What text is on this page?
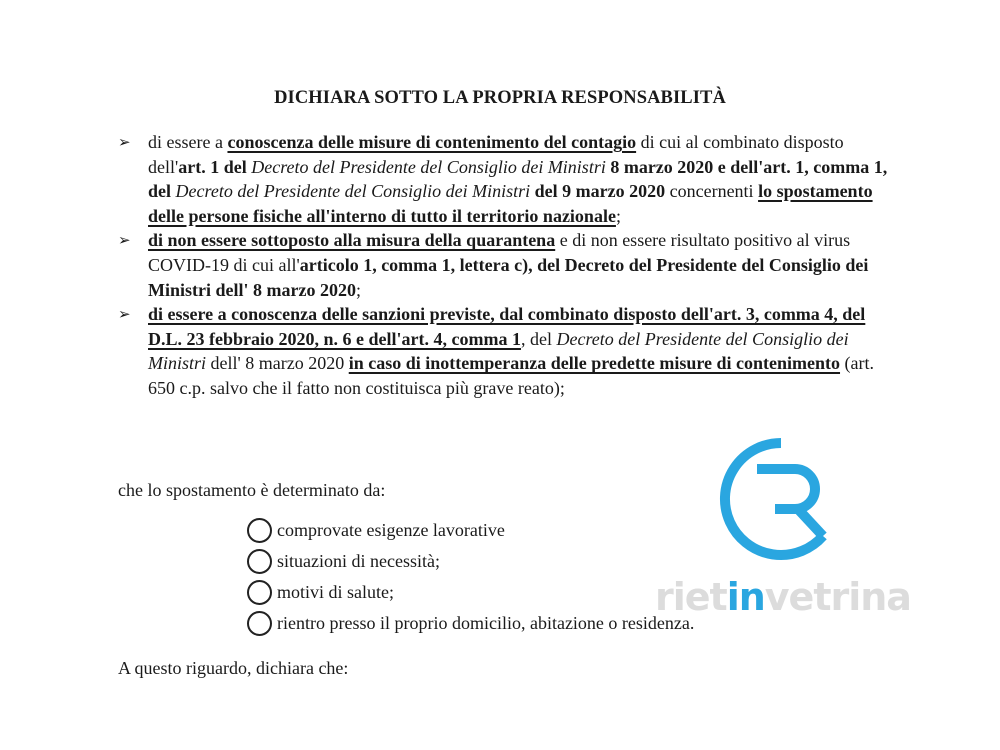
DICHIARA SOTTO LA PROPRIA RESPONSABILITÀ

➢ di essere a conoscenza delle misure di contenimento del contagio di cui al combinato disposto dell'art. 1 del Decreto del Presidente del Consiglio dei Ministri 8 marzo 2020 e dell'art. 1, comma 1, del Decreto del Presidente del Consiglio dei Ministri del 9 marzo 2020 concernenti lo spostamento delle persone fisiche all'interno di tutto il territorio nazionale;

➢ di non essere sottoposto alla misura della quarantena e di non essere risultato positivo al virus COVID-19 di cui all'articolo 1, comma 1, lettera c), del Decreto del Presidente del Consiglio dei Ministri dell' 8 marzo 2020;

➢ di essere a conoscenza delle sanzioni previste, dal combinato disposto dell'art. 3, comma 4, del D.L. 23 febbraio 2020, n. 6 e dell'art. 4, comma 1, del Decreto del Presidente del Consiglio dei Ministri dell' 8 marzo 2020 in caso di inottemperanza delle predette misure di contenimento (art. 650 c.p. salvo che il fatto non costituisca più grave reato);

che lo spostamento è determinato da:
comprovate esigenze lavorative
situazioni di necessità;
motivi di salute;
rientro presso il proprio domicilio, abitazione o residenza.
A questo riguardo, dichiara che:
rietinvetrina
